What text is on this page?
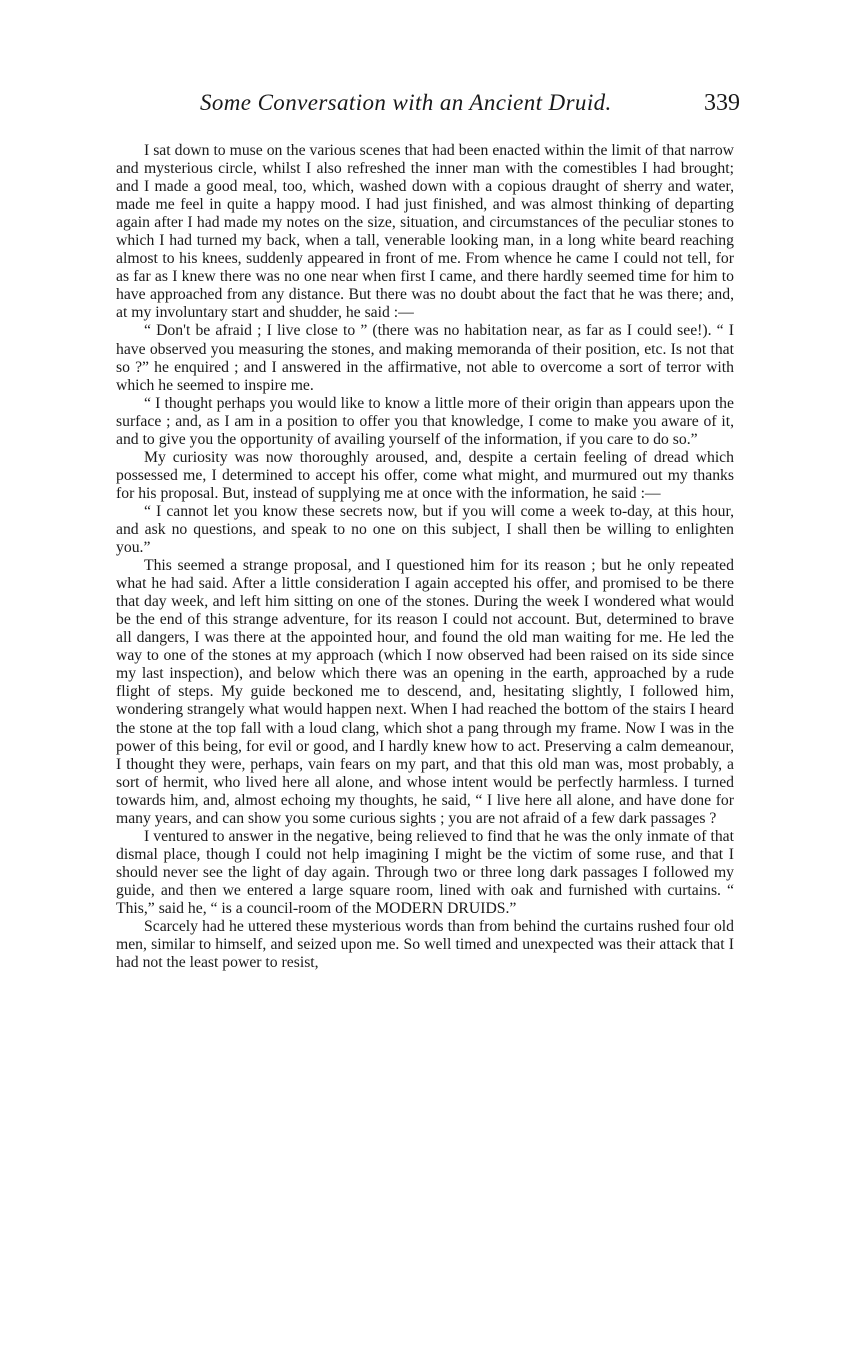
Some Conversation with an Ancient Druid.	339

I sat down to muse on the various scenes that had been enacted within the limit of that narrow and mysterious circle, whilst I also refreshed the inner man with the comestibles I had brought; and I made a good meal, too, which, washed down with a copious draught of sherry and water, made me feel in quite a happy mood. I had just finished, and was almost thinking of departing again after I had made my notes on the size, situation, and circumstances of the peculiar stones to which I had turned my back, when a tall, venerable looking man, in a long white beard reaching almost to his knees, suddenly appeared in front of me. From whence he came I could not tell, for as far as I knew there was no one near when first I came, and there hardly seemed time for him to have approached from any distance. But there was no doubt about the fact that he was there; and, at my involuntary start and shudder, he said :—

“ Don't be afraid ; I live close to ” (there was no habitation near, as far as I could see!). “ I have observed you measuring the stones, and making memoranda of their position, etc. Is not that so ?” he enquired ; and I answered in the affirmative, not able to overcome a sort of terror with which he seemed to inspire me.

“ I thought perhaps you would like to know a little more of their origin than appears upon the surface ; and, as I am in a position to offer you that knowledge, I come to make you aware of it, and to give you the opportunity of availing yourself of the information, if you care to do so.”

My curiosity was now thoroughly aroused, and, despite a certain feeling of dread which possessed me, I determined to accept his offer, come what might, and murmured out my thanks for his proposal. But, instead of supplying me at once with the information, he said :—

“ I cannot let you know these secrets now, but if you will come a week to-day, at this hour, and ask no questions, and speak to no one on this subject, I shall then be willing to enlighten you.”

This seemed a strange proposal, and I questioned him for its reason ; but he only repeated what he had said. After a little consideration I again accepted his offer, and promised to be there that day week, and left him sitting on one of the stones. During the week I wondered what would be the end of this strange adventure, for its reason I could not account. But, determined to brave all dangers, I was there at the appointed hour, and found the old man waiting for me. He led the way to one of the stones at my approach (which I now observed had been raised on its side since my last inspection), and below which there was an opening in the earth, approached by a rude flight of steps. My guide beckoned me to descend, and, hesitating slightly, I followed him, wondering strangely what would happen next. When I had reached the bottom of the stairs I heard the stone at the top fall with a loud clang, which shot a pang through my frame. Now I was in the power of this being, for evil or good, and I hardly knew how to act. Preserving a calm demeanour, I thought they were, perhaps, vain fears on my part, and that this old man was, most probably, a sort of hermit, who lived here all alone, and whose intent would be perfectly harmless. I turned towards him, and, almost echoing my thoughts, he said, “ I live here all alone, and have done for many years, and can show you some curious sights ; you are not afraid of a few dark passages ?

I ventured to answer in the negative, being relieved to find that he was the only inmate of that dismal place, though I could not help imagining I might be the victim of some ruse, and that I should never see the light of day again. Through two or three long dark passages I followed my guide, and then we entered a large square room, lined with oak and furnished with curtains. “ This,” said he, “ is a council-room of the MODERN DRUIDS.”

Scarcely had he uttered these mysterious words than from behind the curtains rushed four old men, similar to himself, and seized upon me. So well timed and unexpected was their attack that I had not the least power to resist,
